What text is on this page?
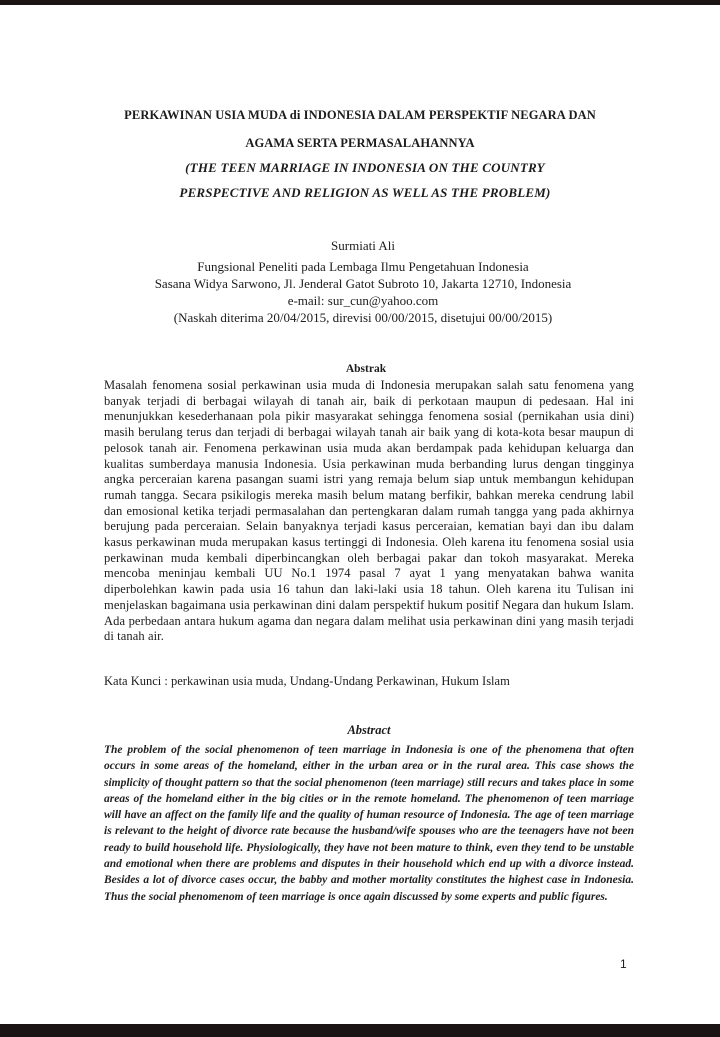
PERKAWINAN USIA MUDA di INDONESIA DALAM PERSPEKTIF NEGARA DAN
AGAMA SERTA PERMASALAHANNYA
(THE TEEN MARRIAGE IN INDONESIA ON THE COUNTRY
PERSPECTIVE AND RELIGION AS WELL AS THE PROBLEM)
Surmiati Ali
Fungsional Peneliti pada Lembaga Ilmu Pengetahuan Indonesia
Sasana Widya Sarwono, Jl. Jenderal Gatot Subroto 10, Jakarta 12710, Indonesia
e-mail: sur_cun@yahoo.com
(Naskah diterima 20/04/2015, direvisi 00/00/2015, disetujui 00/00/2015)
Abstrak

Masalah fenomena sosial perkawinan usia muda di Indonesia merupakan salah satu fenomena yang banyak terjadi di berbagai wilayah di tanah air, baik di perkotaan maupun di pedesaan. Hal ini menunjukkan kesederhanaan pola pikir masyarakat sehingga fenomena sosial (pernikahan usia dini) masih berulang terus dan terjadi di berbagai wilayah tanah air baik yang di kota-kota besar maupun di pelosok tanah air. Fenomena perkawinan usia muda akan berdampak pada kehidupan keluarga dan kualitas sumberdaya manusia Indonesia. Usia perkawinan muda berbanding lurus dengan tingginya angka perceraian karena pasangan suami istri yang remaja belum siap untuk membangun kehidupan rumah tangga. Secara psikilogis mereka masih belum matang berfikir, bahkan mereka cendrung labil dan emosional ketika terjadi permasalahan dan pertengkaran dalam rumah tangga yang pada akhirnya berujung pada perceraian. Selain banyaknya terjadi kasus perceraian, kematian bayi dan ibu dalam kasus perkawinan muda merupakan kasus tertinggi di Indonesia. Oleh karena itu fenomena sosial usia perkawinan muda kembali diperbincangkan oleh berbagai pakar dan tokoh masyarakat. Mereka mencoba meninjau kembali UU No.1 1974 pasal 7 ayat 1 yang menyatakan bahwa wanita diperbolehkan kawin pada usia 16 tahun dan laki-laki usia 18 tahun. Oleh karena itu Tulisan ini menjelaskan bagaimana usia perkawinan dini dalam perspektif hukum positif Negara dan hukum Islam. Ada perbedaan antara hukum agama dan negara dalam melihat usia perkawinan dini yang masih terjadi di tanah air.

Kata Kunci : perkawinan usia muda, Undang-Undang Perkawinan, Hukum Islam
Abstract

The problem of the social phenomenon of teen marriage in Indonesia is one of the phenomena that often occurs in some areas of the homeland, either in the urban area or in the rural area. This case shows the simplicity of thought pattern so that the social phenomenon (teen marriage) still recurs and takes place in some areas of the homeland either in the big cities or in the remote homeland. The phenomenon of teen marriage will have an affect on the family life and the quality of human resource of Indonesia. The age of teen marriage is relevant to the height of divorce rate because the husband/wife spouses who are the teenagers have not been ready to build household life. Physiologically, they have not been mature to think, even they tend to be unstable and emotional when there are problems and disputes in their household which end up with a divorce instead. Besides a lot of divorce cases occur, the babby and mother mortality constitutes the highest case in Indonesia. Thus the social phenomenom of teen marriage is once again discussed by some experts and public figures.

1
